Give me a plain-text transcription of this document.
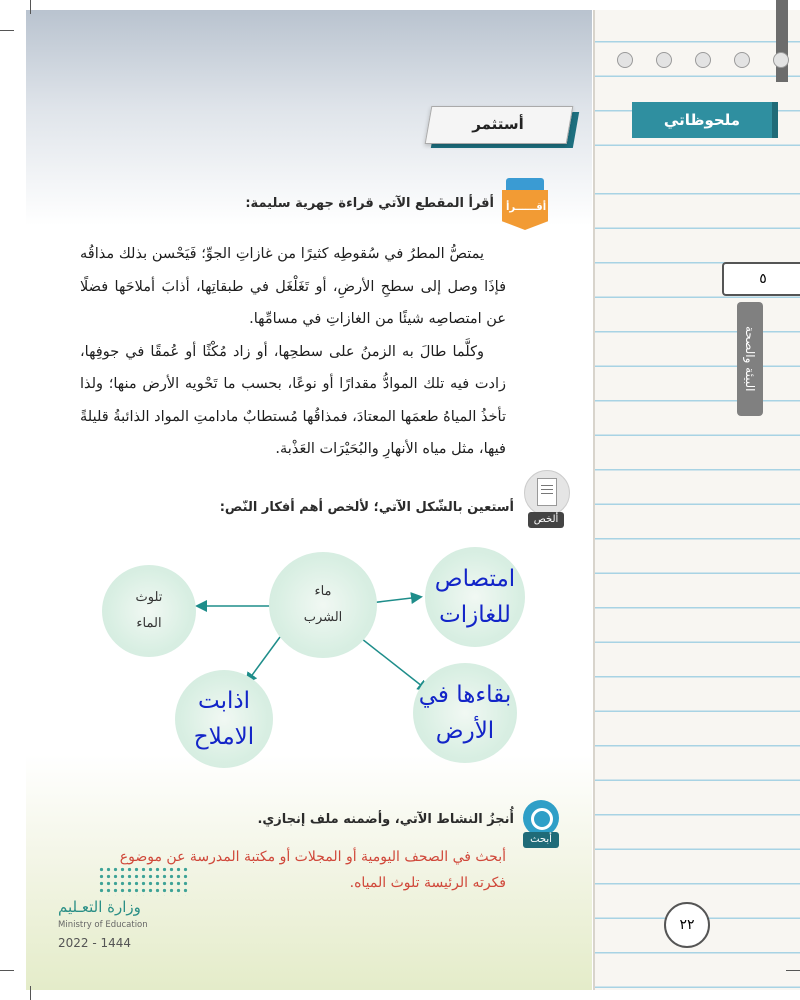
ملحوظاتي
٥
البيئة والصحة
٢٢
أستثمر
أقــــــرأ
أقرأ المقطع الآتي قراءة جهرية سليمة:
يمتصُّ المطرُ في سُقوطِه كثيرًا من غازاتِ الجوِّ؛ فَيَحْسن بذلك مذاقُه فإذَا وصل إلى سطحِ الأرضِ، أو تَغَلْغَل في طبقاتِها، أذابَ أملاحَها فضلًا عن امتصاصِه شيئًا من الغازاتِ في مسامِّها.
وكلَّما طالَ به الزمنُ على سطحِها، أو زاد مُكْثًا أو عُمقًا في جوفِها، زادت فيه تلك الموادُّ مقدارًا أو نوعًا، بحسب ما تَحْويه الأرض منها؛ ولذا تأخذُ المياهُ طعمَها المعتادَ، فمذاقُها مُستطابٌ مادامتِ المواد الذائبةُ قليلةً فيها، مثل مياه الأنهارِ والبُحَيْرَات العَذْبة.
ألخص
أستعين بالشّكل الآتي؛ لألخص أهم أفكار النّص:
ماء
الشرب
تلوث
الماء
امتصاص
للغازات
اذابت
الاملاح
بقاءها في
الأرض
أبحث
أُنجزُ النشاط الآتي، وأضمنه ملف إنجازي.
أبحث في الصحف اليومية أو المجلات أو مكتبة المدرسة عن موضوع فكرته الرئيسة تلوث المياه.
وزارة التعـليم
Ministry of Education
2022 - 1444
